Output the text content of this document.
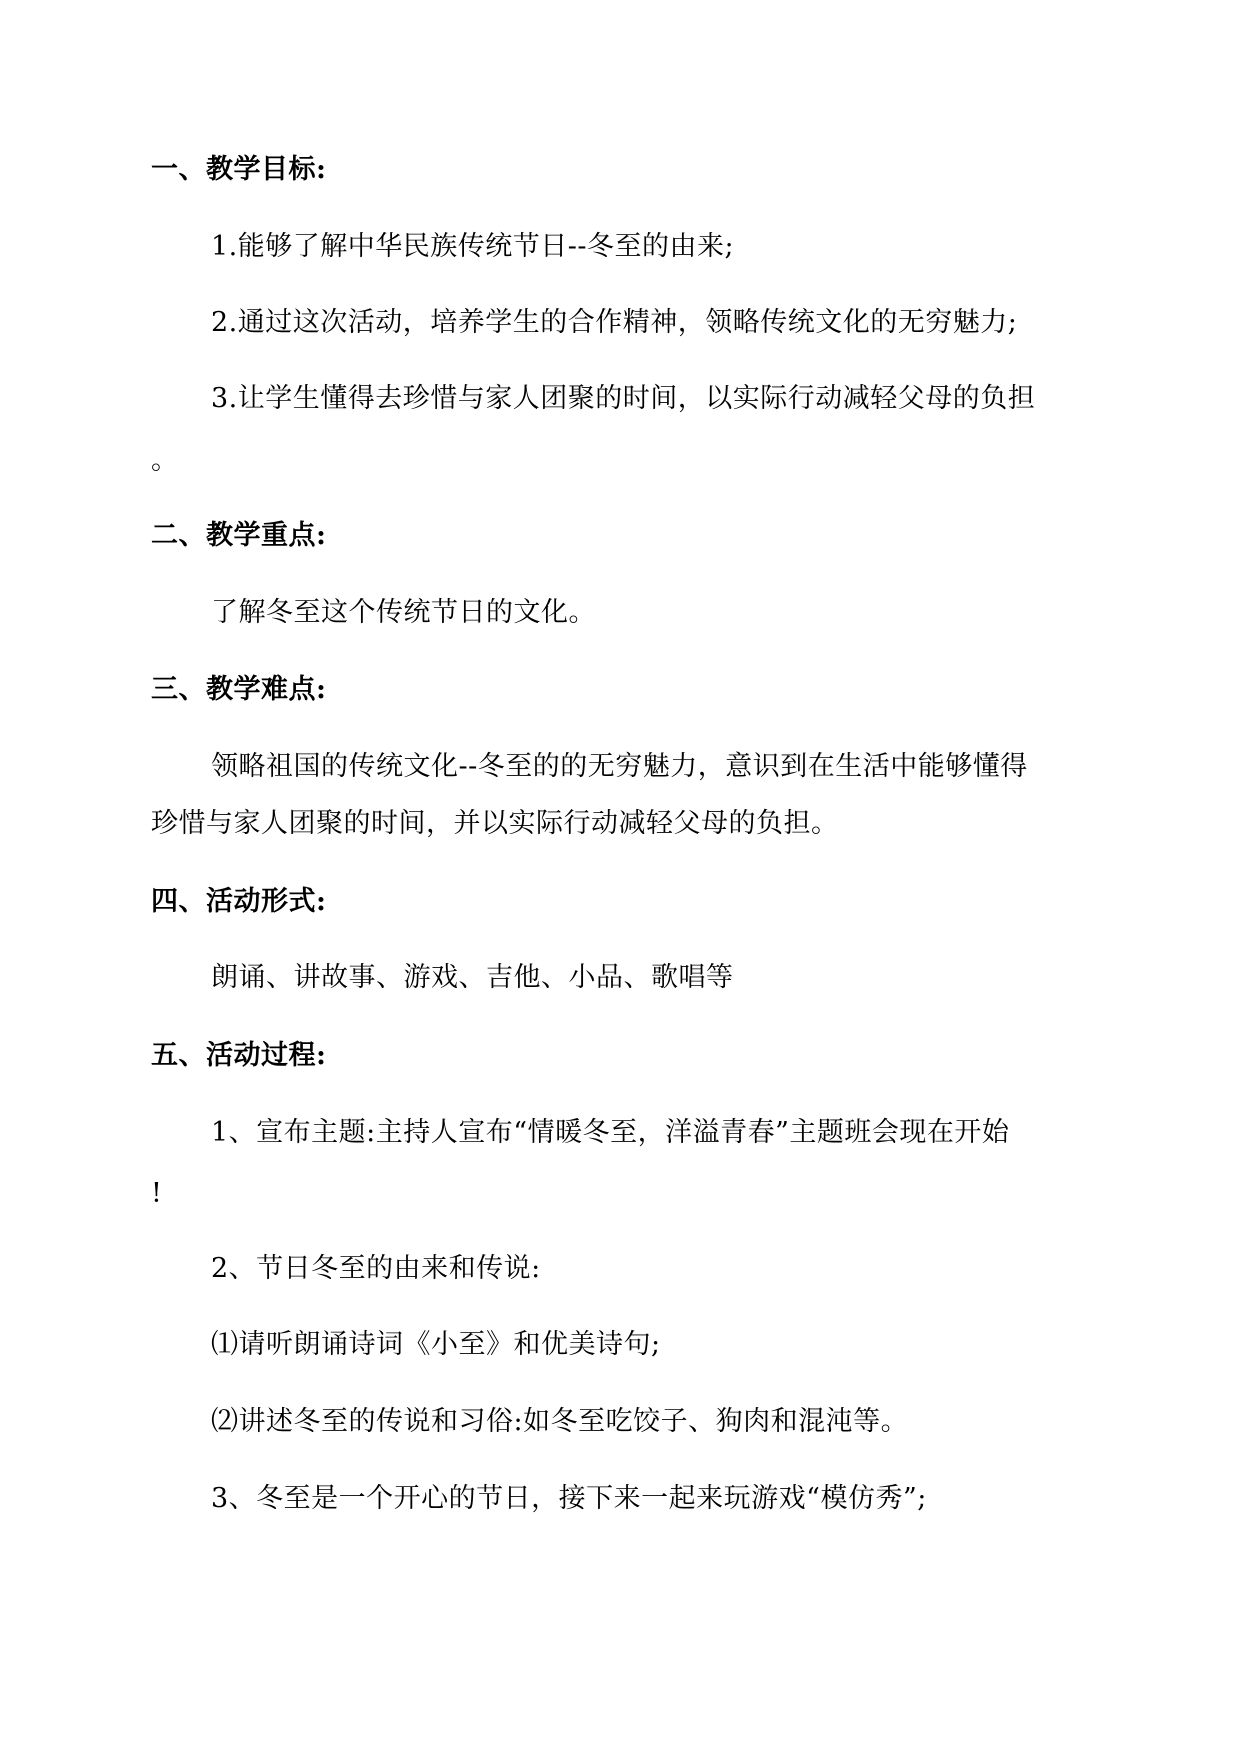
一、教学目标:
1.能够了解中华民族传统节日--冬至的由来;
2.通过这次活动，培养学生的合作精神，领略传统文化的无穷魅力;
3.让学生懂得去珍惜与家人团聚的时间，以实际行动减轻父母的负担
。
二、教学重点:
了解冬至这个传统节日的文化。
三、教学难点:
领略祖国的传统文化--冬至的的无穷魅力，意识到在生活中能够懂得
珍惜与家人团聚的时间，并以实际行动减轻父母的负担。
四、活动形式:
朗诵、讲故事、游戏、吉他、小品、歌唱等
五、活动过程:
1、宣布主题:主持人宣布“情暖冬至，洋溢青春”主题班会现在开始
!
2、节日冬至的由来和传说:
⑴请听朗诵诗词《小至》和优美诗句;
⑵讲述冬至的传说和习俗:如冬至吃饺子、狗肉和混沌等。
3、冬至是一个开心的节日，接下来一起来玩游戏“模仿秀”;
